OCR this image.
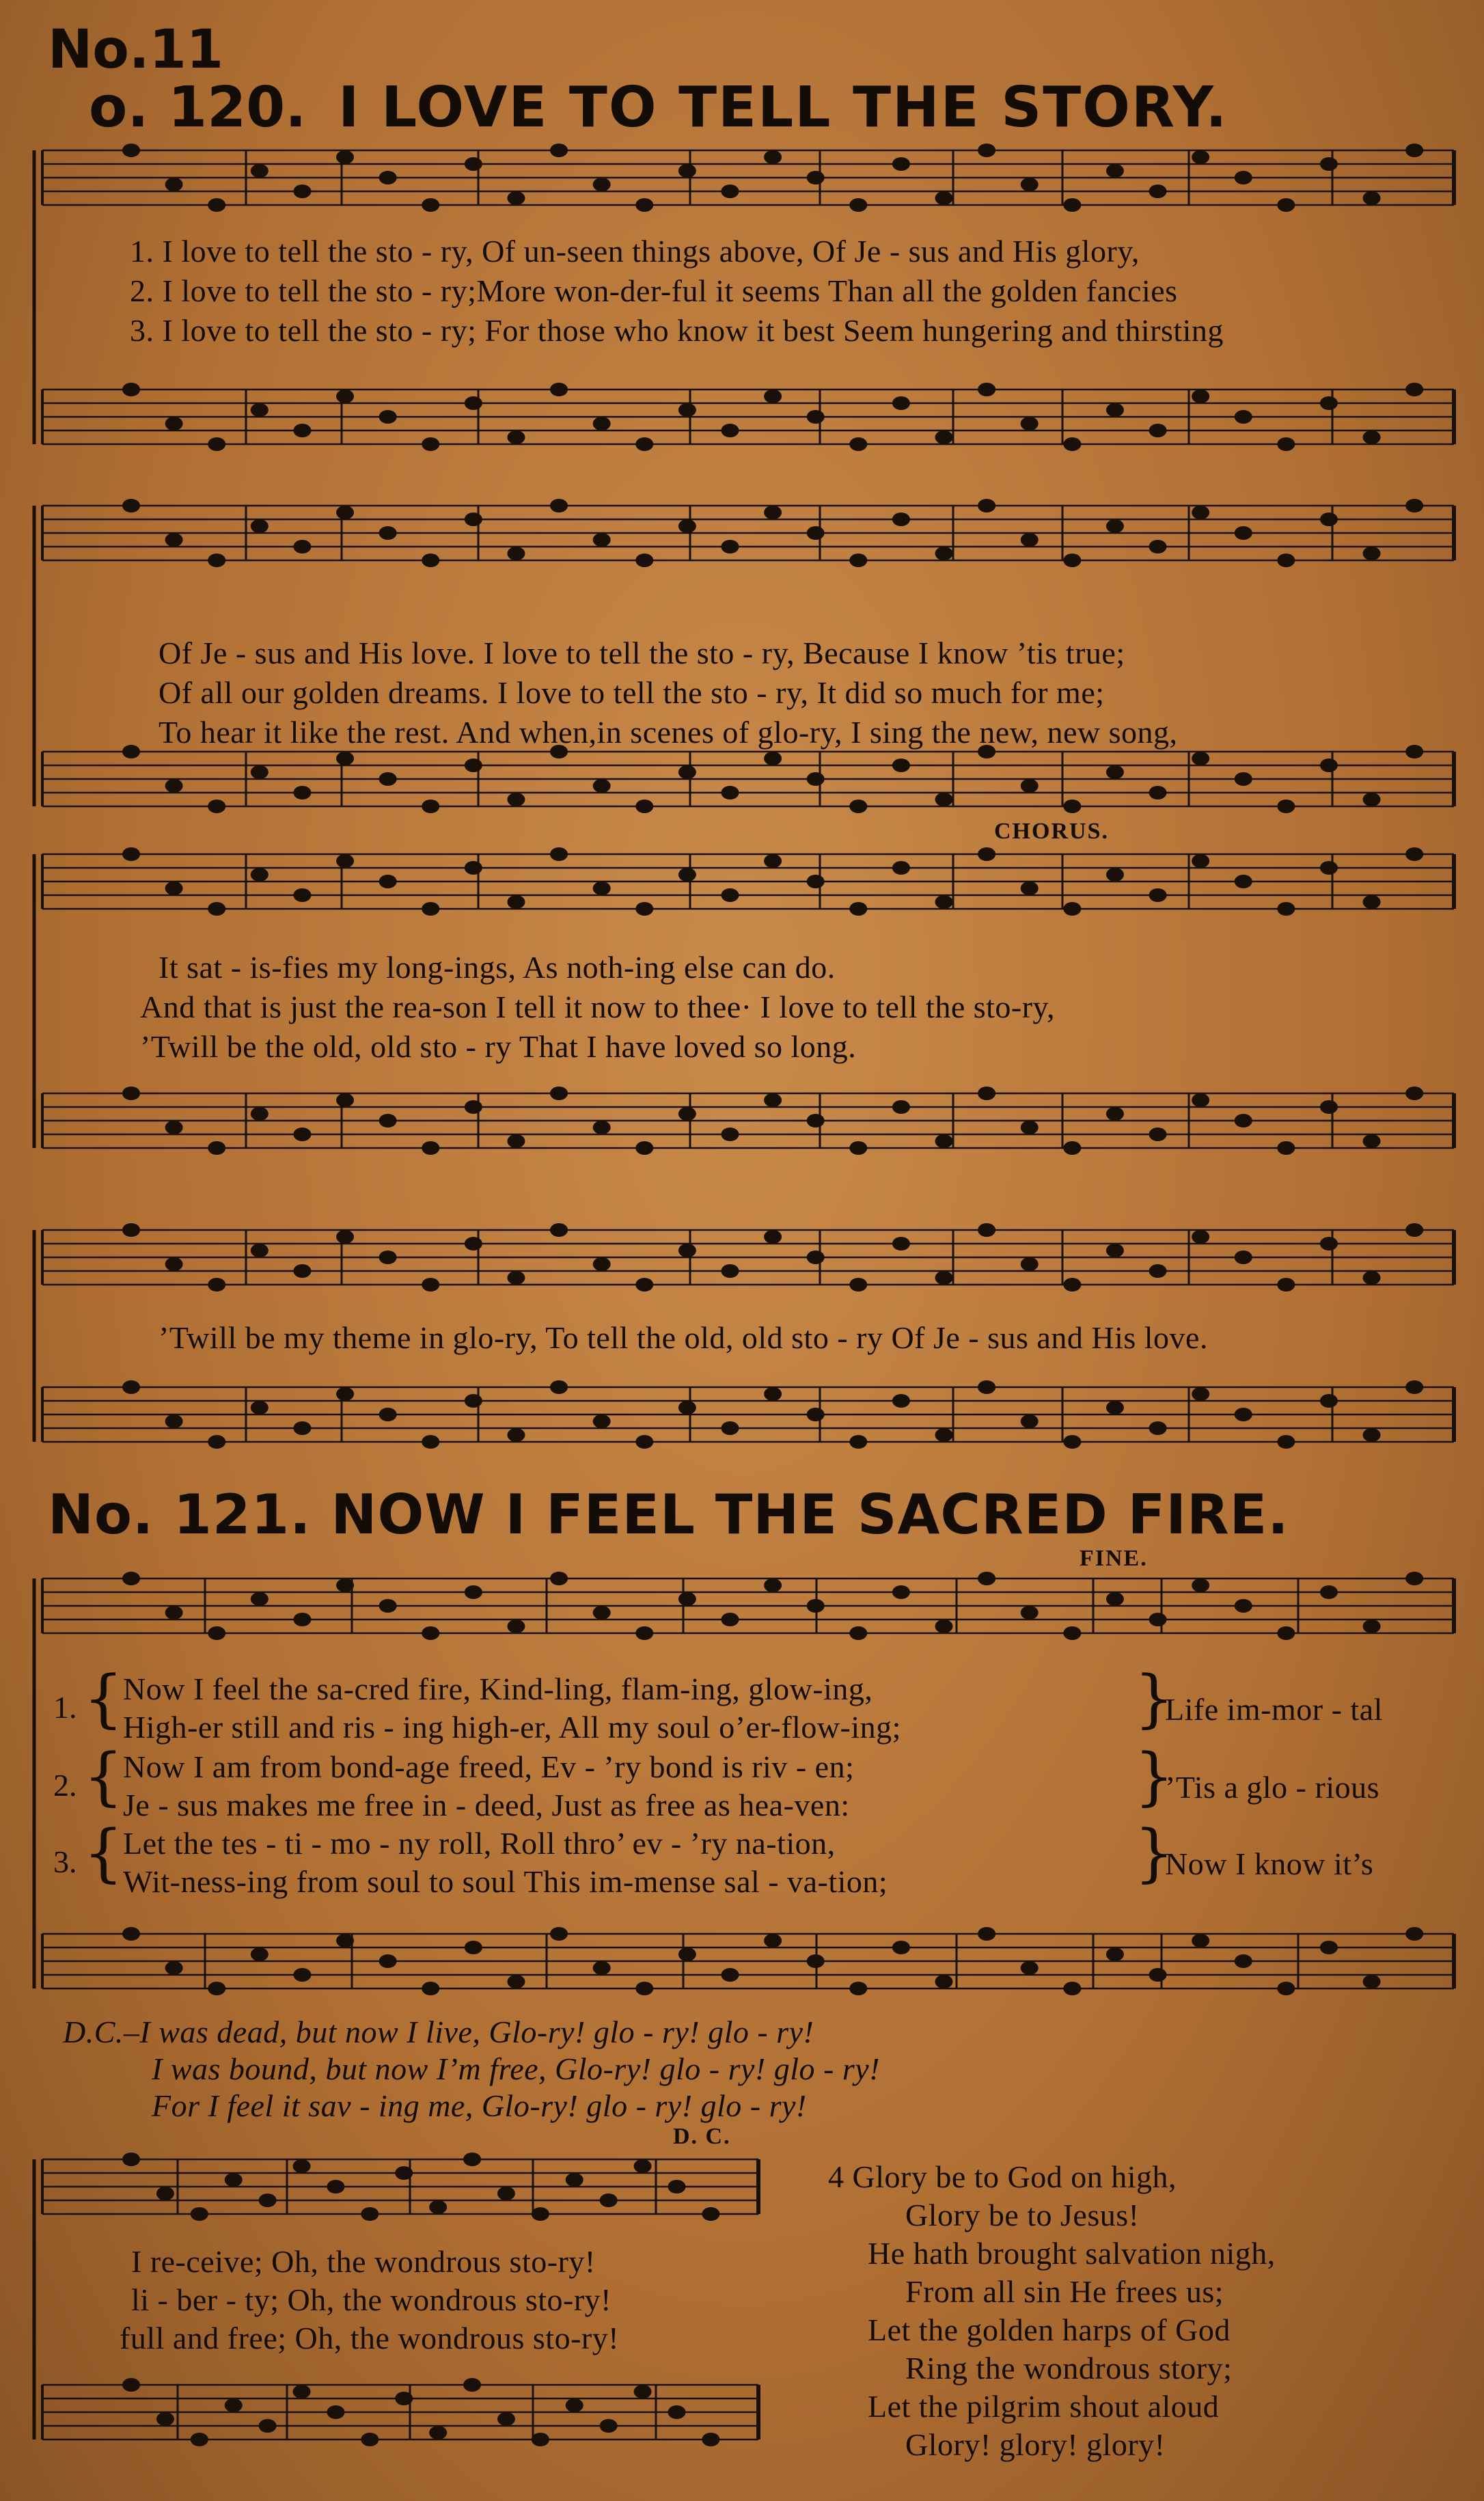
No.11
o. 120. I LOVE TO TELL THE STORY.
1. I love to tell the sto - ry, Of un-seen things above, Of Je - sus and His glory,
2. I love to tell the sto - ry;More won-der-ful it seems Than all the golden fancies
3. I love to tell the sto - ry; For those who know it best Seem hungering and thirsting
Of Je - sus and His love. I love to tell the sto - ry, Because I know ’tis true;
Of all our golden dreams. I love to tell the sto - ry, It did so much for me;
To hear it like the rest. And when,in scenes of glo-ry, I sing the new, new song,
CHORUS.
It sat - is-fies my long-ings, As noth-ing else can do.
And that is just the rea-son I tell it now to thee· I love to tell the sto-ry,
’Twill be the old, old sto - ry That I have loved so long.
’Twill be my theme in glo-ry, To tell the old, old sto - ry Of Je - sus and His love.
No. 121. NOW I FEEL THE SACRED FIRE.
FINE.
1. { Now I feel the sa-cred fire, Kind-ling, flam-ing, glow-ing,
High-er still and ris - ing high-er, All my soul o’er-flow-ing;	}
Life im-mor - tal
2. { Now I am from bond-age freed, Ev - ’ry bond is riv - en;
Je - sus makes me free in - deed, Just as free as hea-ven:	}
’Tis a glo - rious
3. { Let the tes - ti - mo - ny roll, Roll thro’ ev - ’ry na-tion,
Wit-ness-ing from soul to soul This im-mense sal - va-tion;	}
Now I know it’s
D.C.–I was dead, but now I live, Glo-ry! glo - ry! glo - ry!
I was bound, but now I’m free, Glo-ry! glo - ry! glo - ry!
For I feel it sav - ing me, Glo-ry! glo - ry! glo - ry!
D. C.
I re-ceive; Oh, the wondrous sto-ry!
li - ber - ty; Oh, the wondrous sto-ry!
full and free; Oh, the wondrous sto-ry!
4 Glory be to God on high,
Glory be to Jesus!
He hath brought salvation nigh,
From all sin He frees us;
Let the golden harps of God
Ring the wondrous story;
Let the pilgrim shout aloud
Glory! glory! glory!
